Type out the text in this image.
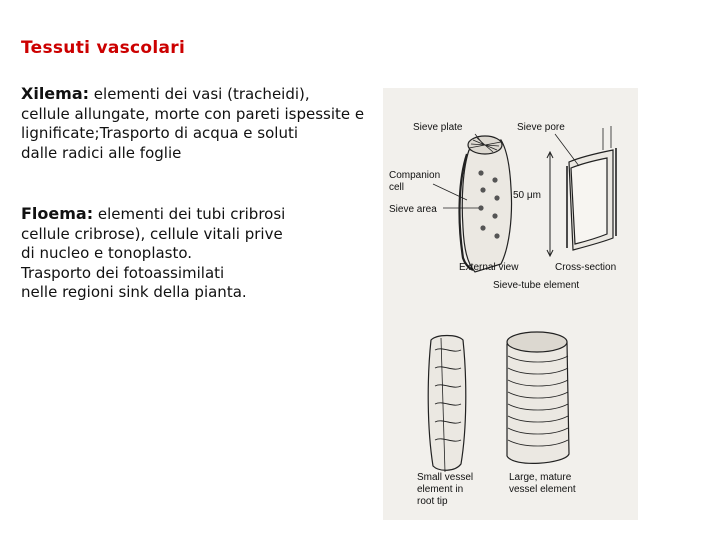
Tessuti vascolari
Xilema: elementi dei vasi (tracheidi),
cellule allungate, morte con pareti ispessite e
lignificate;Trasporto di acqua e soluti
dalle radici alle foglie
Floema: elementi dei tubi cribrosi
cellule cribrose), cellule vitali prive
di nucleo e tonoplasto.
Trasporto dei fotoassimilati
nelle regioni sink della pianta.
Sieve plate	Sieve pore
Companion
cell
50 μm
Sieve area
External view	Cross-section
Sieve-tube element
Small vessel
element in
root tip
Large, mature
vessel element
